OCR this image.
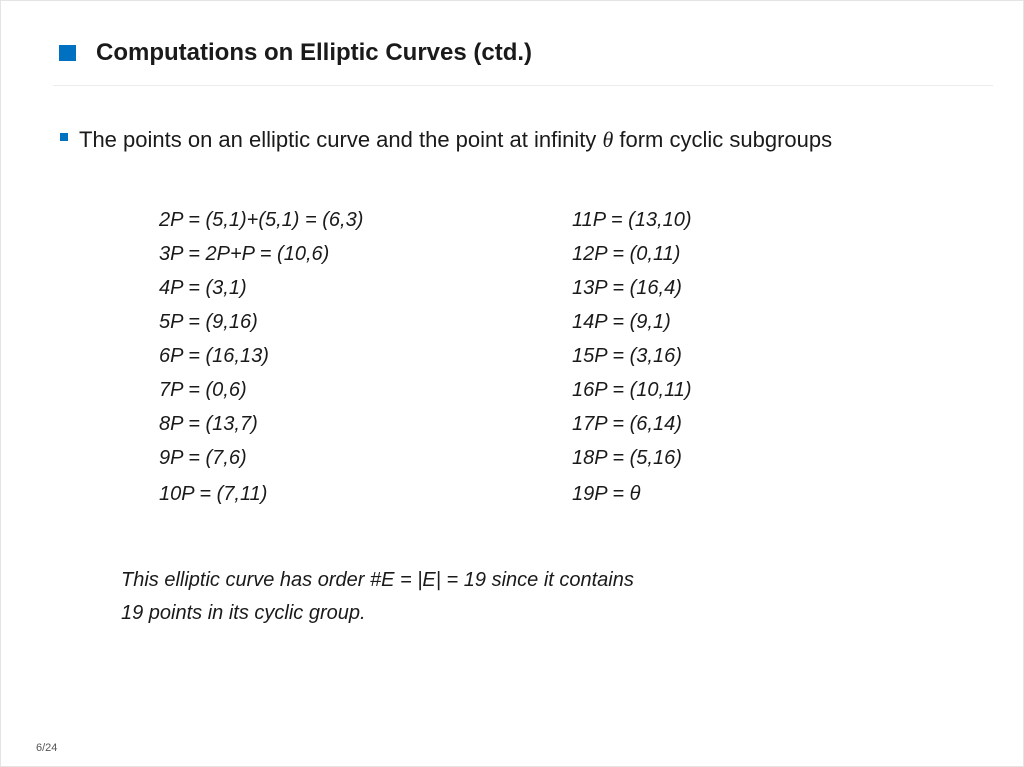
Computations on Elliptic Curves (ctd.)
The points on an elliptic curve and the point at infinity θ form cyclic subgroups
2P = (5,1)+(5,1) = (6,3)
3P = 2P+P = (10,6)
4P = (3,1)
5P = (9,16)
6P = (16,13)
7P = (0,6)
8P = (13,7)
9P = (7,6)
10P = (7,11)
11P = (13,10)
12P = (0,11)
13P = (16,4)
14P = (9,1)
15P = (3,16)
16P = (10,11)
17P = (6,14)
18P = (5,16)
19P = θ

This elliptic curve has order #E = |E| = 19 since it contains
19 points in its cyclic group.

6/24
